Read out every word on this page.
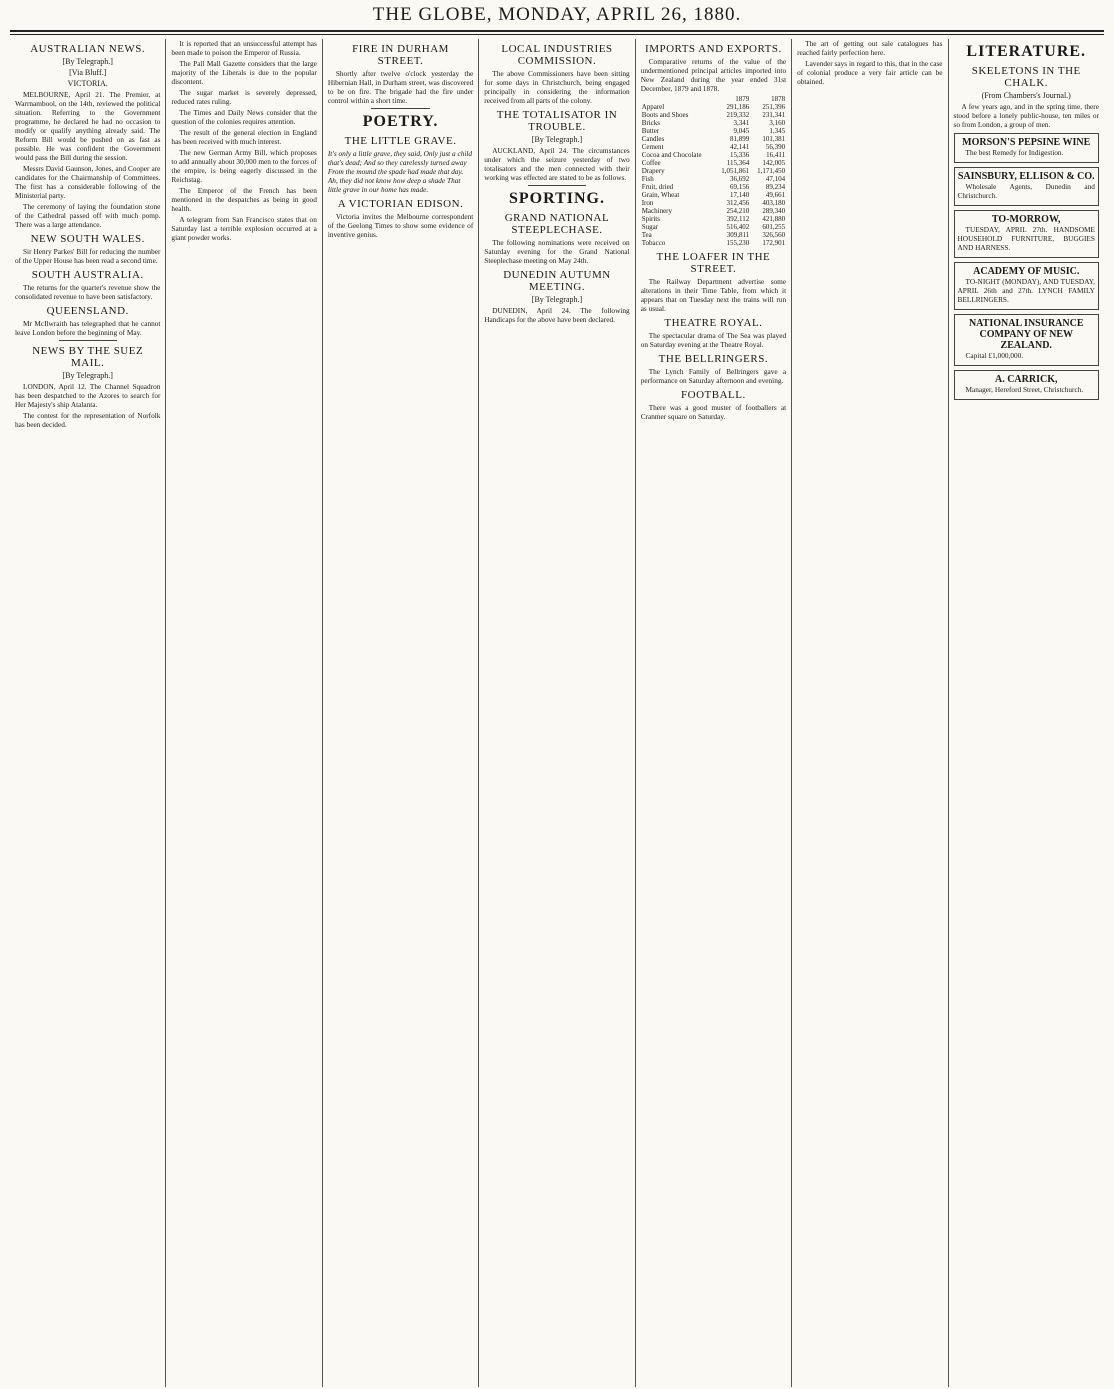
THE GLOBE, MONDAY, APRIL 26, 1880.
AUSTRALIAN NEWS.
[By Telegraph.]
[Via Bluff.]
VICTORIA.

MELBOURNE, April 21. The Premier, at Warrnambool, on the 14th, reviewed the political situation. Referring to the Government programme, he declared he had no occasion to modify or qualify anything already said. The Reform Bill would be pushed on as fast as possible. He was confident the Government would pass the Bill during the session.

Messrs David Gaunson, Jones, and Cooper are candidates for the Chairmanship of Committees. The first has a considerable following of the Ministerial party.

The ceremony of laying the foundation stone of the Cathedral passed off with much pomp. There was a large attendance.

NEW SOUTH WALES.

Sir Henry Parkes' Bill for reducing the number of the Upper House has been read a second time.

SOUTH AUSTRALIA.

The returns for the quarter's revenue show the consolidated revenue to have been satisfactory.

QUEENSLAND.

Mr McIlwraith has telegraphed that he cannot leave London before the beginning of May.

NEWS BY THE SUEZ MAIL.
[By Telegraph.]

LONDON, April 12. The Channel Squadron has been despatched to the Azores to search for Her Majesty's ship Atalanta.

The contest for the representation of Norfolk has been decided.

It is reported that an unsuccessful attempt has been made to poison the Emperor of Russia.

The Pall Mall Gazette considers that the large majority of the Liberals is due to the popular discontent.

The sugar market is severely depressed, reduced rates ruling.

The Times and Daily News consider that the question of the colonies requires attention.

The result of the general election in England has been received with much interest.

The new German Army Bill, which proposes to add annually about 30,000 men to the forces of the empire, is being eagerly discussed in the Reichstag.

The Emperor of the French has been mentioned in the despatches as being in good health.

A telegram from San Francisco states that on Saturday last a terrible explosion occurred at a giant powder works.

FIRE IN DURHAM STREET.

Shortly after twelve o'clock yesterday the Hibernian Hall, in Durham street, was discovered to be on fire. The brigade had the fire under control within a short time.

POETRY.
THE LITTLE GRAVE.

It's only a little grave, they said, Only just a child that's dead; And so they carelessly turned away From the mound the spade had made that day. Ah, they did not know how deep a shade That little grave in our home has made.

A VICTORIAN EDISON.

Victoria invites the Melbourne correspondent of the Geelong Times to show some evidence of inventive genius.

LOCAL INDUSTRIES COMMISSION.

The above Commissioners have been sitting for some days in Christchurch, being engaged principally in considering the information received from all parts of the colony.

THE TOTALISATOR IN TROUBLE.
[By Telegraph.]

AUCKLAND, April 24. The circumstances under which the seizure yesterday of two totalisators and the men connected with their working was effected are stated to be as follows.

SPORTING.
GRAND NATIONAL STEEPLECHASE.

The following nominations were received on Saturday evening for the Grand National Steeplechase meeting on May 24th.

DUNEDIN AUTUMN MEETING.
[By Telegraph.]

DUNEDIN, April 24. The following Handicaps for the above have been declared.

IMPORTS AND EXPORTS.

Comparative returns of the value of the undermentioned principal articles imported into New Zealand during the year ended 31st December, 1879 and 1878.

	1879	1878
Apparel	291,186	251,396
Boots and Shoes	219,332	231,341
Bricks	3,341	3,160
Butter	9,045	1,345
Candles	81,899	101,381
Cement	42,141	56,390
Cocoa and Chocolate	15,336	16,411
Coffee	115,364	142,005
Drapery	1,051,861	1,171,450
Fish	36,692	47,104
Fruit, dried	69,156	89,234
Grain, Wheat	17,140	49,661
Iron	312,456	403,180
Machinery	254,210	289,340
Spirits	392,112	421,880
Sugar	516,402	601,255
Tea	309,811	326,560
Tobacco	155,230	172,901
THE LOAFER IN THE STREET.

The Railway Department advertise some alterations in their Time Table, from which it appears that on Tuesday next the trains will run as usual.

THEATRE ROYAL.

The spectacular drama of The Sea was played on Saturday evening at the Theatre Royal.

THE BELLRINGERS.

The Lynch Family of Bellringers gave a performance on Saturday afternoon and evening.

FOOTBALL.

There was a good muster of footballers at Cranmer square on Saturday.

The art of getting out sale catalogues has reached fairly perfection here.

Lavender says in regard to this, that in the case of colonial produce a very fair article can be obtained.

LITERATURE.
SKELETONS IN THE CHALK.
(From Chambers's Journal.)

A few years ago, and in the spring time, there stood before a lonely public-house, ten miles or so from London, a group of men.

MORSON'S PEPSINE WINE

The best Remedy for Indigestion.

SAINSBURY, ELLISON & CO.

Wholesale Agents, Dunedin and Christchurch.

TO-MORROW,

TUESDAY, APRIL 27th. HANDSOME HOUSEHOLD FURNITURE, BUGGIES AND HARNESS.

ACADEMY OF MUSIC.

TO-NIGHT (MONDAY), AND TUESDAY, APRIL 26th and 27th. LYNCH FAMILY BELLRINGERS.

NATIONAL INSURANCE COMPANY OF NEW ZEALAND.

Capital £1,000,000.

A. CARRICK,

Manager, Hereford Street, Christchurch.
